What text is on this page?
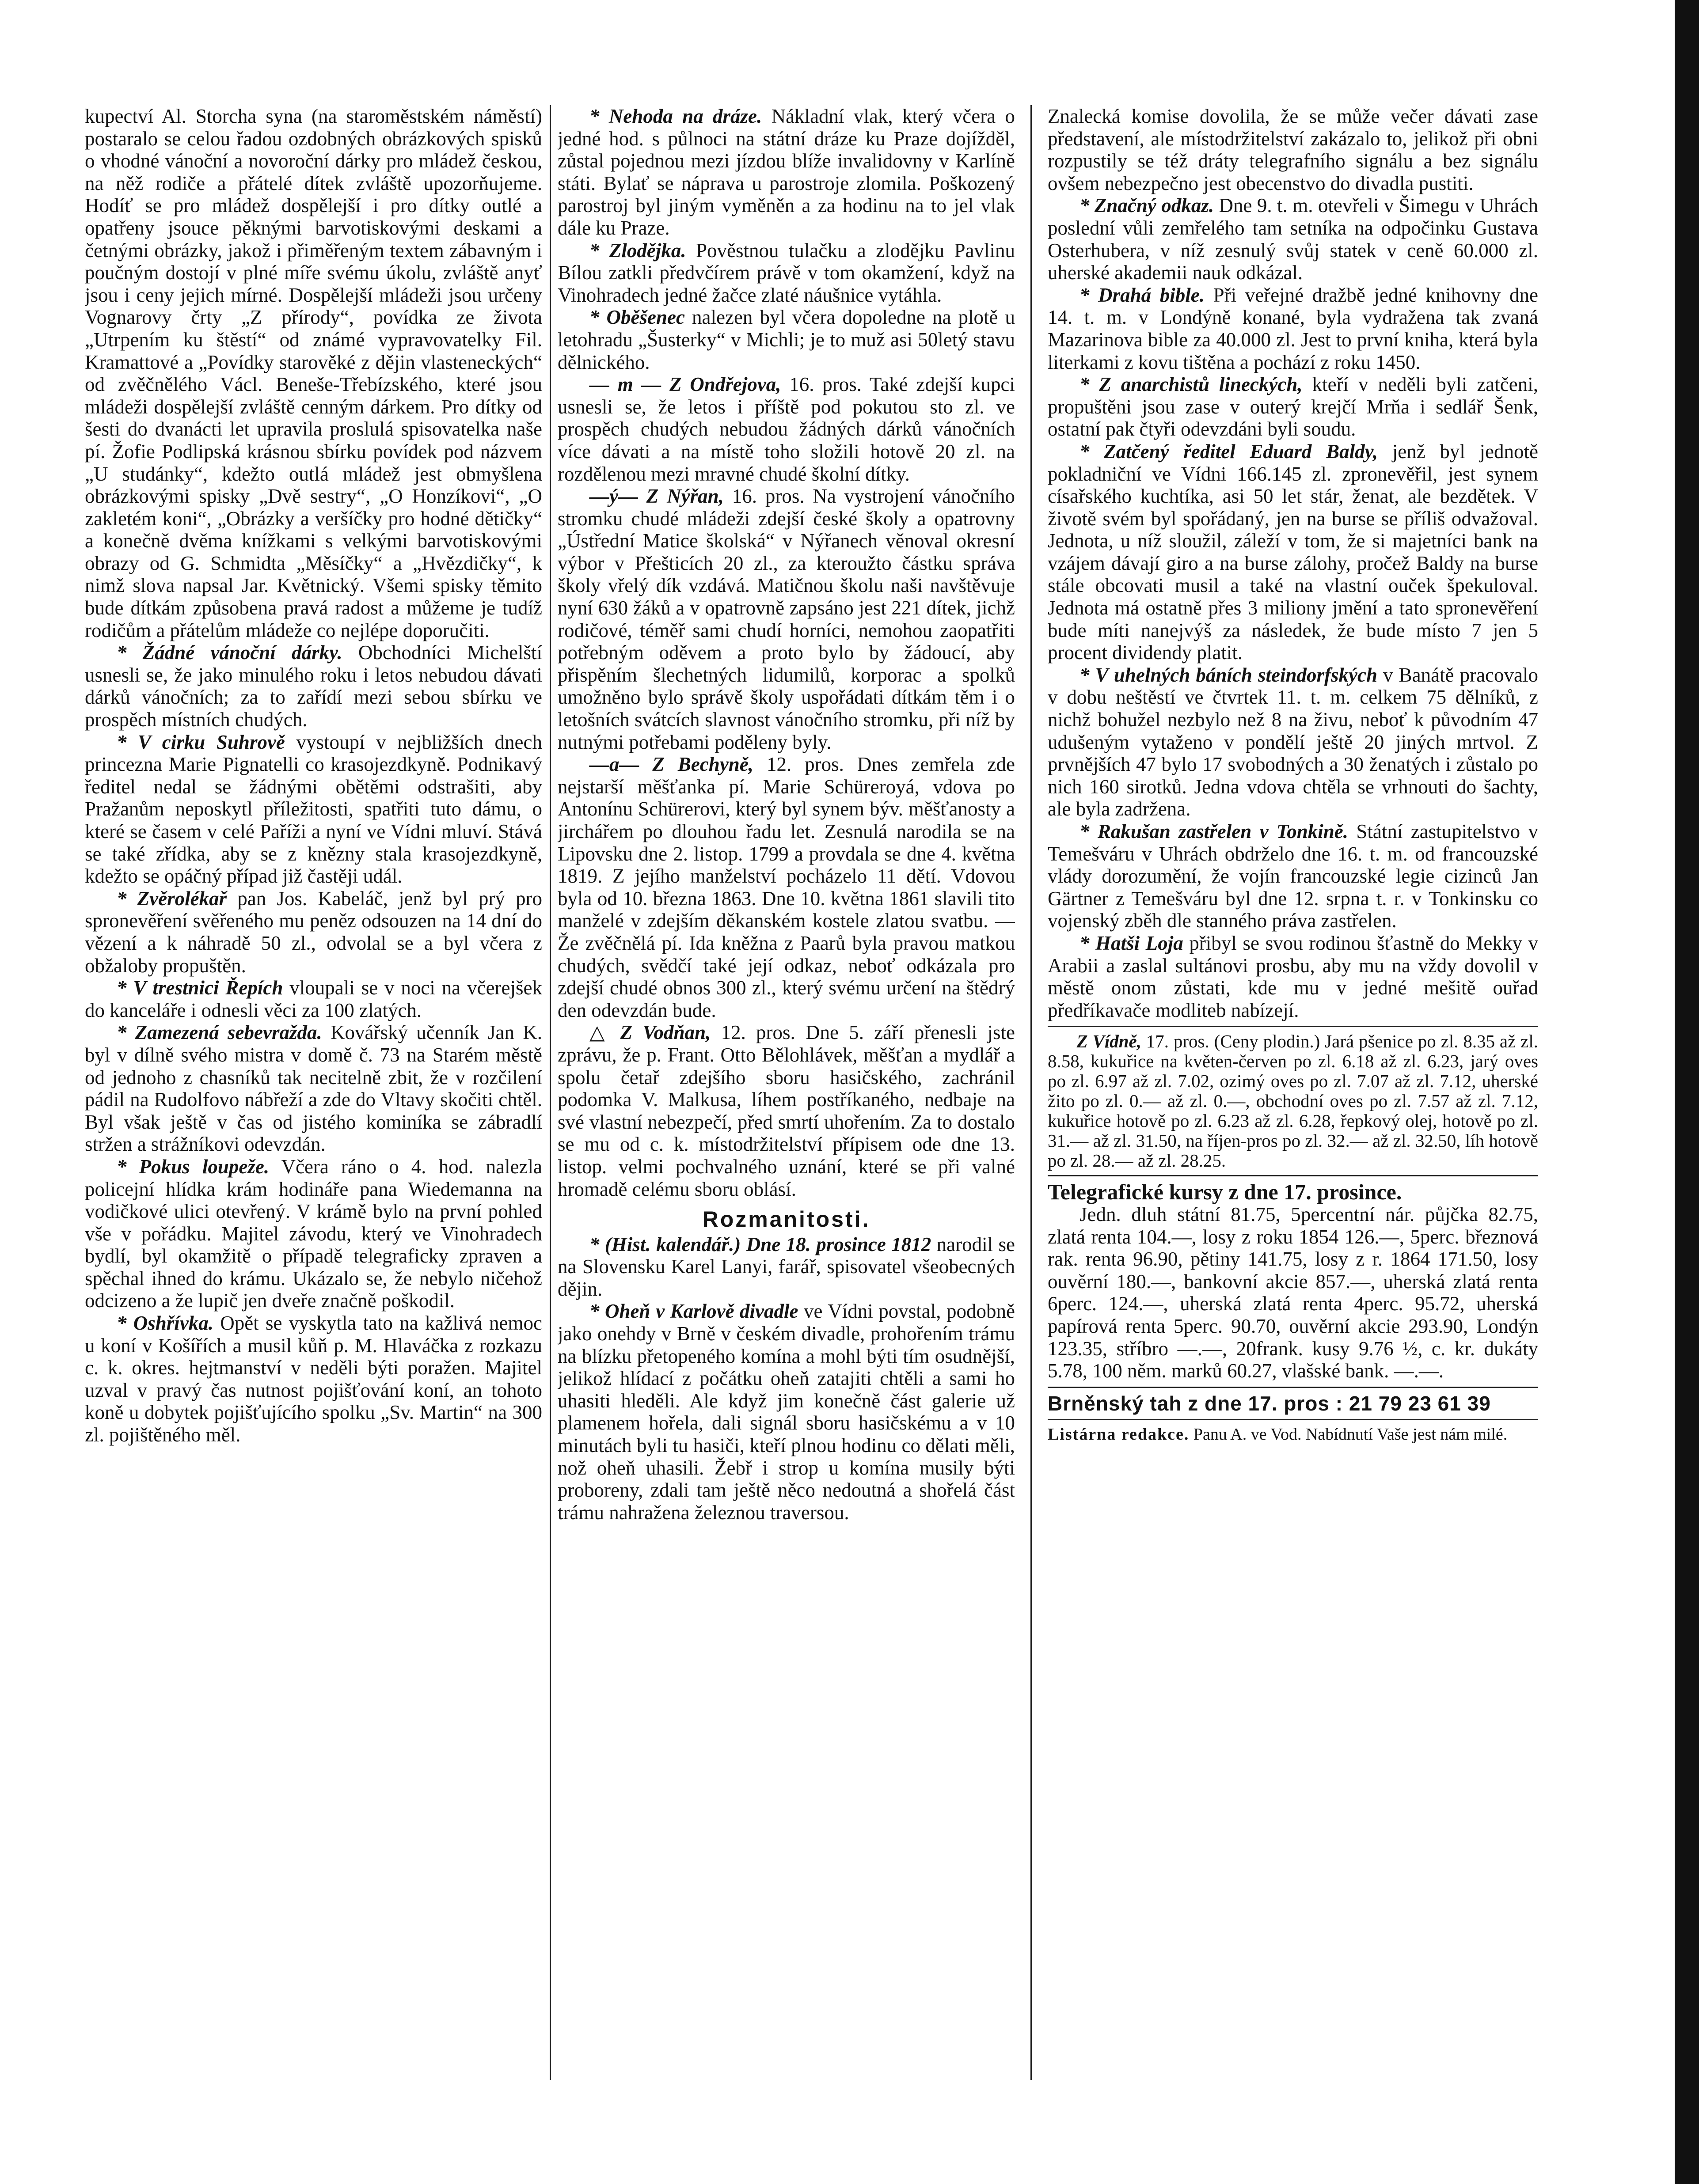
kupectví Al. Storcha syna (na staroměstském náměstí) postaralo se celou řadou ozdobných obrázkových spisků o vhodné vánoční a novoroční dárky pro mládež českou, na něž rodiče a přátelé dítek zvláště upozorňujeme. Hodíť se pro mládež dospělejší i pro dítky outlé a opatřeny jsouce pěknými barvotiskovými deskami a četnými obrázky, jakož i přiměřeným textem zábavným i poučným dostojí v plné míře svému úkolu, zvláště anyť jsou i ceny jejich mírné. Dospělejší mládeži jsou určeny Vognarovy črty „Z přírody“, povídka ze života „Utrpením ku štěstí“ od známé vypravovatelky Fil. Kramattové a „Povídky starověké z dějin vlasteneckých“ od zvěčnělého Václ. Beneše-Třebízského, které jsou mládeži dospělejší zvláště cenným dárkem. Pro dítky od šesti do dvanácti let upravila proslulá spisovatelka naše pí. Žofie Podlipská krásnou sbírku povídek pod názvem „U studánky“, kdežto outlá mládež jest obmyšlena obrázkovými spisky „Dvě sestry“, „O Honzíkovi“, „O zakletém koni“, „Obrázky a veršíčky pro hodné dětičky“ a konečně dvěma knížkami s velkými barvotiskovými obrazy od G. Schmidta „Měsíčky“ a „Hvězdičky“, k nimž slova napsal Jar. Květnický. Všemi spisky těmito bude dítkám způsobena pravá radost a můžeme je tudíž rodičům a přátelům mládeže co nejlépe doporučiti.

* Žádné vánoční dárky. Obchodníci Michelští usnesli se, že jako minulého roku i letos nebudou dávati dárků vánočních; za to zařídí mezi sebou sbírku ve prospěch místních chudých.

* V cirku Suhrově vystoupí v nejbližších dnech princezna Marie Pignatelli co krasojezdkyně. Podnikavý ředitel nedal se žádnými obětěmi odstrašiti, aby Pražanům neposkytl příležitosti, spatřiti tuto dámu, o které se časem v celé Paříži a nyní ve Vídni mluví. Stává se také zřídka, aby se z knězny stala krasojezdkyně, kdežto se opáčný případ již častěji udál.

* Zvěrolékař pan Jos. Kabeláč, jenž byl prý pro spronevěření svěřeného mu peněz odsouzen na 14 dní do vězení a k náhradě 50 zl., odvolal se a byl včera z obžaloby propuštěn.

* V trestnici Řepích vloupali se v noci na včerejšek do kanceláře i odnesli věci za 100 zlatých.

* Zamezená sebevražda. Kovářský učenník Jan K. byl v dílně svého mistra v domě č. 73 na Starém městě od jednoho z chasníků tak necitelně zbit, že v rozčilení pádil na Rudolfovo nábřeží a zde do Vltavy skočiti chtěl. Byl však ještě v čas od jistého kominíka se zábradlí stržen a strážníkovi odevzdán.

* Pokus loupeže. Včera ráno o 4. hod. nalezla policejní hlídka krám hodináře pana Wiedemanna na vodičkové ulici otevřený. V krámě bylo na první pohled vše v pořádku. Majitel závodu, který ve Vinohradech bydlí, byl okamžitě o případě telegraficky zpraven a spěchal ihned do krámu. Ukázalo se, že nebylo ničehož odcizeno a že lupič jen dveře značně poškodil.

* Oshřívka. Opět se vyskytla tato na kažlivá nemoc u koní v Košířích a musil kůň p. M. Hlaváčka z rozkazu c. k. okres. hejtmanství v neděli býti poražen. Majitel uzval v pravý čas nutnost pojišťování koní, an tohoto koně u dobytek pojišťujícího spolku „Sv. Martin“ na 300 zl. pojištěného měl.

* Nehoda na dráze. Nákladní vlak, který včera o jedné hod. s půlnoci na státní dráze ku Praze dojížděl, zůstal pojednou mezi jízdou blíže invalidovny v Karlíně státi. Bylať se náprava u parostroje zlomila. Poškozený parostroj byl jiným vyměněn a za hodinu na to jel vlak dále ku Praze.

* Zlodějka. Pověstnou tulačku a zlodějku Pavlinu Bílou zatkli předvčírem právě v tom okamžení, když na Vinohradech jedné žačce zlaté náušnice vytáhla.

* Oběšenec nalezen byl včera dopoledne na plotě u letohradu „Šusterky“ v Michli; je to muž asi 50letý stavu dělnického.

— m — Z Ondřejova, 16. pros. Také zdejší kupci usnesli se, že letos i příště pod pokutou sto zl. ve prospěch chudých nebudou žádných dárků vánočních více dávati a na místě toho složili hotově 20 zl. na rozdělenou mezi mravné chudé školní dítky.

—ý— Z Nýřan, 16. pros. Na vystrojení vánočního stromku chudé mládeži zdejší české školy a opatrovny „Ústřední Matice školská“ v Nýřanech věnoval okresní výbor v Přešticích 20 zl., za kteroužto částku správa školy vřelý dík vzdává. Matičnou školu naši navštěvuje nyní 630 žáků a v opatrovně zapsáno jest 221 dítek, jichž rodičové, téměř sami chudí horníci, nemohou zaopatřiti potřebným oděvem a proto bylo by žádoucí, aby přispěním šlechetných lidumilů, korporac a spolků umožněno bylo správě školy uspořádati dítkám těm i o letošních svátcích slavnost vánočního stromku, při níž by nutnými potřebami poděleny byly.

—a— Z Bechyně, 12. pros. Dnes zemřela zde nejstarší měšťanka pí. Marie Schüreroyá, vdova po Antonínu Schürerovi, který byl synem býv. měšťanosty a jirchářem po dlouhou řadu let. Zesnulá narodila se na Lipovsku dne 2. listop. 1799 a provdala se dne 4. května 1819. Z jejího manželství pocházelo 11 dětí. Vdovou byla od 10. března 1863. Dne 10. května 1861 slavili tito manželé v zdejším děkanském kostele zlatou svatbu. — Že zvěčnělá pí. Ida kněžna z Paarů byla pravou matkou chudých, svědčí také její odkaz, neboť odkázala pro zdejší chudé obnos 300 zl., který svému určení na štědrý den odevzdán bude.

△ Z Vodňan, 12. pros. Dne 5. září přenesli jste zprávu, že p. Frant. Otto Bělohlávek, měšťan a mydlář a spolu četař zdejšího sboru hasičského, zachránil podomka V. Malkusa, líhem postříkaného, nedbaje na své vlastní nebezpečí, před smrtí uhořením. Za to dostalo se mu od c. k. místodržitelství přípisem ode dne 13. listop. velmi pochvalného uznání, které se při valné hromadě celému sboru oblásí.

Rozmanitosti.

* (Hist. kalendář.) Dne 18. prosince 1812 narodil se na Slovensku Karel Lanyi, farář, spisovatel všeobecných dějin.

* Oheň v Karlově divadle ve Vídni povstal, podobně jako onehdy v Brně v českém divadle, prohořením trámu na blízku přetopeného komína a mohl býti tím osudnější, jelikož hlídací z počátku oheň zatajiti chtěli a sami ho uhasiti hleděli. Ale když jim konečně část galerie už plamenem hořela, dali signál sboru hasičskému a v 10 minutách byli tu hasiči, kteří plnou hodinu co dělati měli, nož oheň uhasili. Žebř i strop u komína musily býti proboreny, zdali tam ještě něco nedoutná a shořelá část trámu nahražena železnou traversou.

Znalecká komise dovolila, že se může večer dávati zase představení, ale místodržitelství zakázalo to, jelikož při obni rozpustily se též dráty telegrafního signálu a bez signálu ovšem nebezpečno jest obecenstvo do divadla pustiti.

* Značný odkaz. Dne 9. t. m. otevřeli v Šimegu v Uhrách poslední vůli zemřelého tam setníka na odpočinku Gustava Osterhubera, v níž zesnulý svůj statek v ceně 60.000 zl. uherské akademii nauk odkázal.

* Drahá bible. Při veřejné dražbě jedné knihovny dne 14. t. m. v Londýně konané, byla vydražena tak zvaná Mazarinova bible za 40.000 zl. Jest to první kniha, která byla literkami z kovu tištěna a pochází z roku 1450.

* Z anarchistů lineckých, kteří v neděli byli zatčeni, propuštěni jsou zase v outerý krejčí Mrňa i sedlář Šenk, ostatní pak čtyři odevzdáni byli soudu.

* Zatčený ředitel Eduard Baldy, jenž byl jednotě pokladniční ve Vídni 166.145 zl. zpronevěřil, jest synem císařského kuchtíka, asi 50 let stár, ženat, ale bezdětek. V životě svém byl spořádaný, jen na burse se příliš odvažoval. Jednota, u níž sloužil, záleží v tom, že si majetníci bank na vzájem dávají giro a na burse zálohy, pročež Baldy na burse stále obcovati musil a také na vlastní ouček špekuloval. Jednota má ostatně přes 3 miliony jmění a tato spronevěření bude míti nanejvýš za následek, že bude místo 7 jen 5 procent dividendy platit.

* V uhelných báních steindorfských v Banátě pracovalo v dobu neštěstí ve čtvrtek 11. t. m. celkem 75 dělníků, z nichž bohužel nezbylo než 8 na živu, neboť k původním 47 udušeným vytaženo v pondělí ještě 20 jiných mrtvol. Z prvnějších 47 bylo 17 svobodných a 30 ženatých i zůstalo po nich 160 sirotků. Jedna vdova chtěla se vrhnouti do šachty, ale byla zadržena.

* Rakušan zastřelen v Tonkině. Státní zastupitelstvo v Temešváru v Uhrách obdrželo dne 16. t. m. od francouzské vlády dorozumění, že vojín francouzské legie cizinců Jan Gärtner z Temešváru byl dne 12. srpna t. r. v Tonkinsku co vojenský zběh dle stanného práva zastřelen.

* Hatši Loja přibyl se svou rodinou šťastně do Mekky v Arabii a zaslal sultánovi prosbu, aby mu na vždy dovolil v městě onom zůstati, kde mu v jedné mešitě ouřad předříkavače modliteb nabízejí.

Z Vídně, 17. pros. (Ceny plodin.) Jará pšenice po zl. 8.35 až zl. 8.58, kukuřice na květen-červen po zl. 6.18 až zl. 6.23, jarý oves po zl. 6.97 až zl. 7.02, ozimý oves po zl. 7.07 až zl. 7.12, uherské žito po zl. 0.— až zl. 0.—, obchodní oves po zl. 7.57 až zl. 7.12, kukuřice hotově po zl. 6.23 až zl. 6.28, řepkový olej, hotově po zl. 31.— až zl. 31.50, na říjen-pros po zl. 32.— až zl. 32.50, líh hotově po zl. 28.— až zl. 28.25.

Telegrafické kursy z dne 17. prosince.

Jedn. dluh státní 81.75, 5percentní nár. půjčka 82.75, zlatá renta 104.—, losy z roku 1854 126.—, 5perc. březnová rak. renta 96.90, pětiny 141.75, losy z r. 1864 171.50, losy ouvěrní 180.—, bankovní akcie 857.—, uherská zlatá renta 6perc. 124.—, uherská zlatá renta 4perc. 95.72, uherská papírová renta 5perc. 90.70, ouvěrní akcie 293.90, Londýn 123.35, stříbro —.—, 20frank. kusy 9.76 ½, c. kr. dukáty 5.78, 100 něm. marků 60.27, vlašské bank. —.—.

Brněnský tah z dne 17. pros : 21 79 23 61 39

Listárna redakce. Panu A. ve Vod. Nabídnutí Vaše jest nám milé.
